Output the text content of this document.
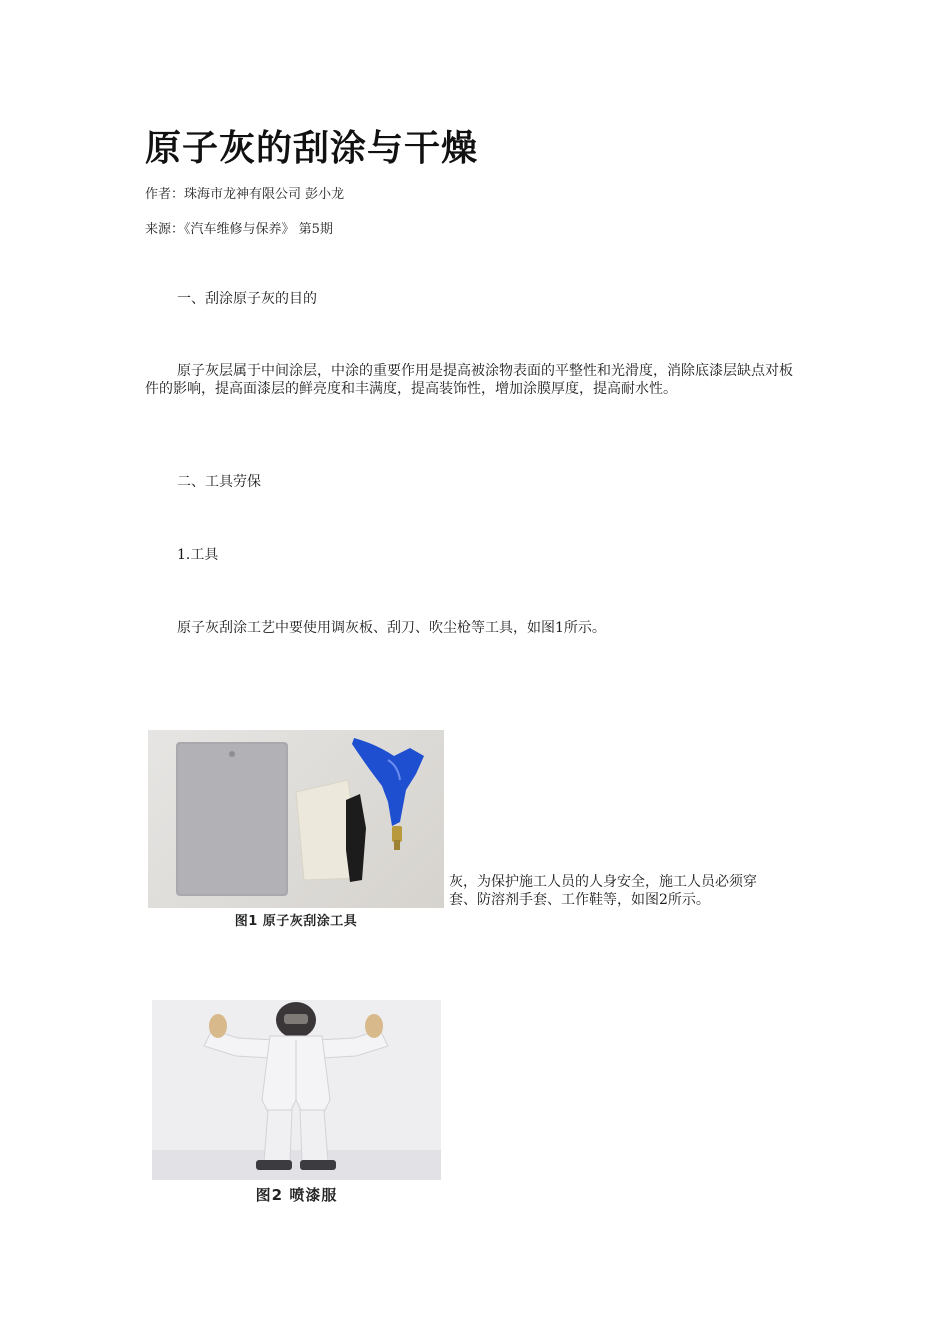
原子灰的刮涂与干燥
作者：珠海市龙神有限公司 彭小龙
来源：《汽车维修与保养》 第5期
一、刮涂原子灰的目的
原子灰层属于中间涂层，中涂的重要作用是提高被涂物表面的平整性和光滑度，消除底漆层缺点对板件的影响，提高面漆层的鲜亮度和丰满度，提高装饰性，增加涂膜厚度，提高耐水性。
二、工具劳保
1.工具
原子灰刮涂工艺中要使用调灰板、刮刀、吹尘枪等工具，如图1所示。
图1 原子灰刮涂工具
灰，为保护施工人员的人身安全，施工人员必须穿
套、防溶剂手套、工作鞋等，如图2所示。
图2 喷漆服
